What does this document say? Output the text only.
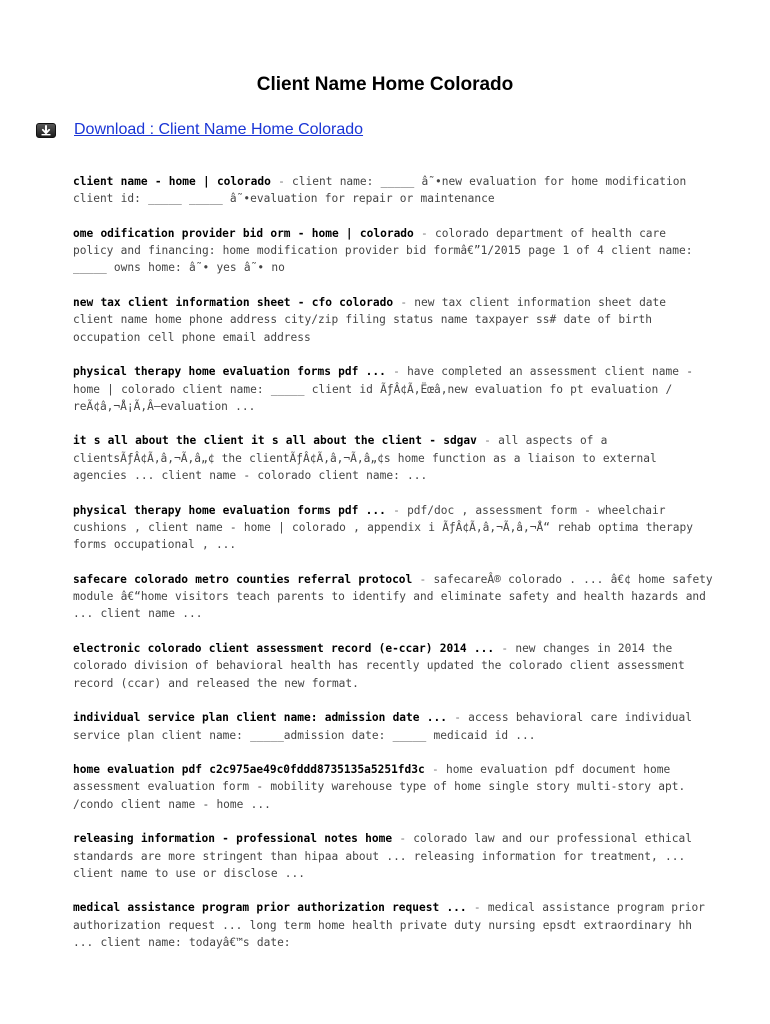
Client Name Home Colorado
Download : Client Name Home Colorado

client name - home | colorado - client name: _____ â˜•new evaluation for home modification client id: _____ _____ â˜•evaluation for repair or maintenance

ome odification provider bid orm - home | colorado - colorado department of health care policy and financing: home modification provider bid formâ€”1/2015 page 1 of 4 client name: _____ owns home: â˜• yes â˜• no

new tax client information sheet - cfo colorado - new tax client information sheet date client name home phone address city/zip filing status name taxpayer ss# date of birth occupation cell phone email address

physical therapy home evaluation forms pdf ... - have completed an assessment client name - home | colorado client name: _____ client id ÃƒÂ¢Ã‚Ëœâ‚new evaluation fo pt evaluation / reÃ¢â‚¬Å¡Ã‚Â–evaluation ...

it s all about the client it s all about the client - sdgav - all aspects of a clientsÃƒÂ¢Ã‚â‚¬Ã‚â„¢ the clientÃƒÂ¢Ã‚â‚¬Ã‚â„¢s home function as a liaison to external agencies ... client name - colorado client name: ...

physical therapy home evaluation forms pdf ... - pdf/doc , assessment form - wheelchair cushions , client name - home | colorado , appendix i ÃƒÂ¢Ã‚â‚¬Ã‚â‚¬Å“ rehab optima therapy forms occupational , ...

safecare colorado metro counties referral protocol - safecareÂ® colorado . ... â€¢ home safety module â€“home visitors teach parents to identify and eliminate safety and health hazards and ... client name ...

electronic colorado client assessment record (e-ccar) 2014 ... - new changes in 2014 the colorado division of behavioral health has recently updated the colorado client assessment record (ccar) and released the new format.

individual service plan client name: admission date ... - access behavioral care individual service plan client name: _____admission date: _____ medicaid id ...

home evaluation pdf c2c975ae49c0fddd8735135a5251fd3c - home evaluation pdf document home assessment evaluation form - mobility warehouse type of home single story multi-story apt. /condo client name - home ...

releasing information - professional notes home - colorado law and our professional ethical standards are more stringent than hipaa about ... releasing information for treatment, ... client name to use or disclose ...

medical assistance program prior authorization request ... - medical assistance program prior authorization request ... long term home health private duty nursing epsdt extraordinary hh ... client name: todayâ€™s date:
